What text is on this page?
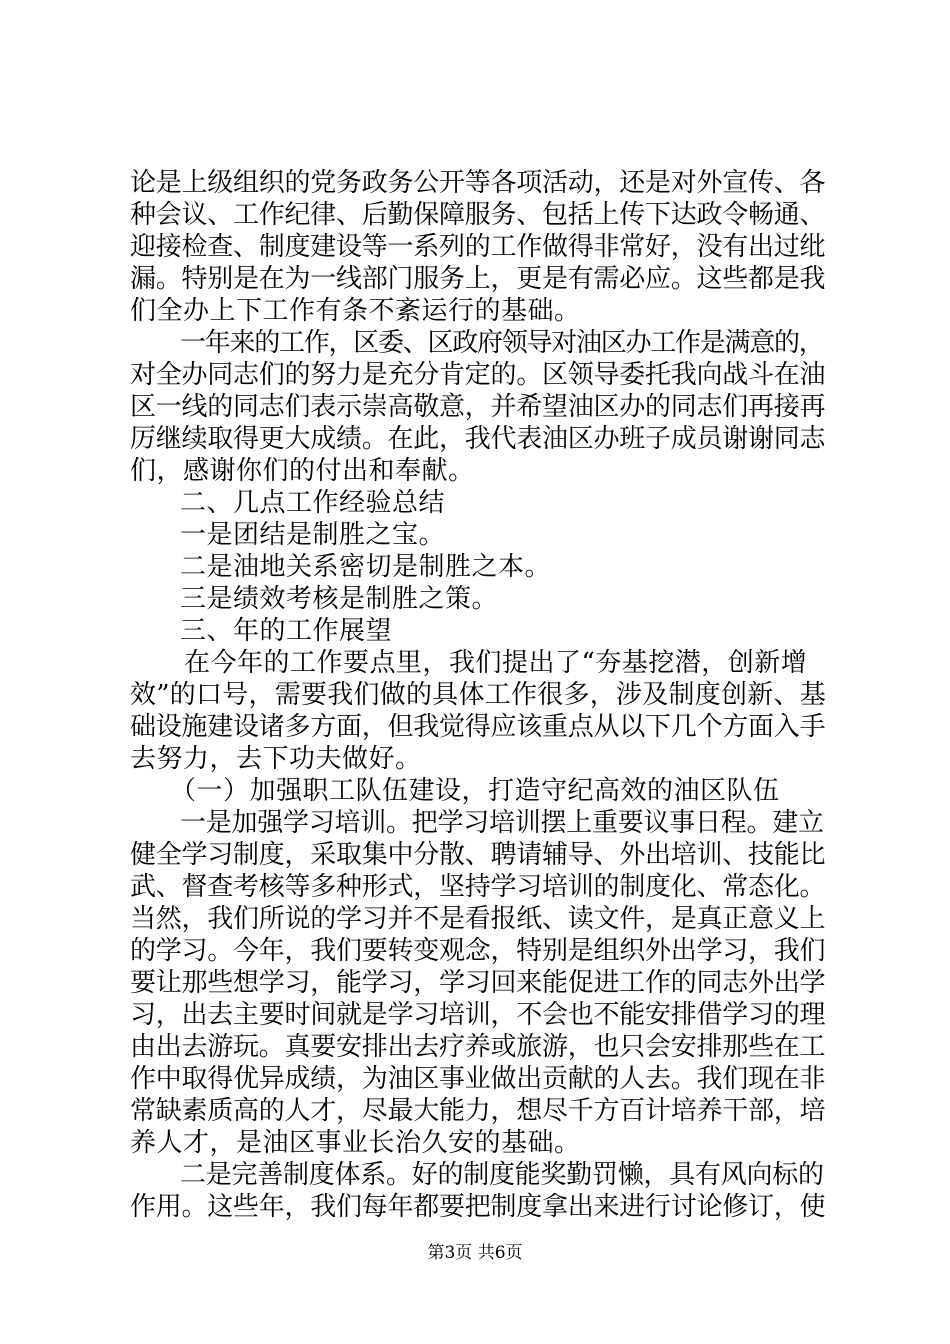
论是上级组织的党务政务公开等各项活动，还是对外宣传、各
种会议、工作纪律、后勤保障服务、包括上传下达政令畅通、
迎接检查、制度建设等一系列的工作做得非常好，没有出过纰
漏。特别是在为一线部门服务上，更是有需必应。这些都是我
们全办上下工作有条不紊运行的基础。
一年来的工作，区委、区政府领导对油区办工作是满意的，
对全办同志们的努力是充分肯定的。区领导委托我向战斗在油
区一线的同志们表示崇高敬意，并希望油区办的同志们再接再
厉继续取得更大成绩。在此，我代表油区办班子成员谢谢同志
们，感谢你们的付出和奉献。
二、几点工作经验总结
一是团结是制胜之宝。
二是油地关系密切是制胜之本。
三是绩效考核是制胜之策。
三、年的工作展望
在今年的工作要点里，我们提出了“夯基挖潜，创新增
效”的口号，需要我们做的具体工作很多，涉及制度创新、基
础设施建设诸多方面，但我觉得应该重点从以下几个方面入手
去努力，去下功夫做好。
（一）加强职工队伍建设，打造守纪高效的油区队伍
一是加强学习培训。把学习培训摆上重要议事日程。建立
健全学习制度，采取集中分散、聘请辅导、外出培训、技能比
武、督查考核等多种形式，坚持学习培训的制度化、常态化。
当然，我们所说的学习并不是看报纸、读文件，是真正意义上
的学习。今年，我们要转变观念，特别是组织外出学习，我们
要让那些想学习，能学习，学习回来能促进工作的同志外出学
习，出去主要时间就是学习培训，不会也不能安排借学习的理
由出去游玩。真要安排出去疗养或旅游，也只会安排那些在工
作中取得优异成绩，为油区事业做出贡献的人去。我们现在非
常缺素质高的人才，尽最大能力，想尽千方百计培养干部，培
养人才，是油区事业长治久安的基础。
二是完善制度体系。好的制度能奖勤罚懒，具有风向标的
作用。这些年，我们每年都要把制度拿出来进行讨论修订，使
第3页 共6页
